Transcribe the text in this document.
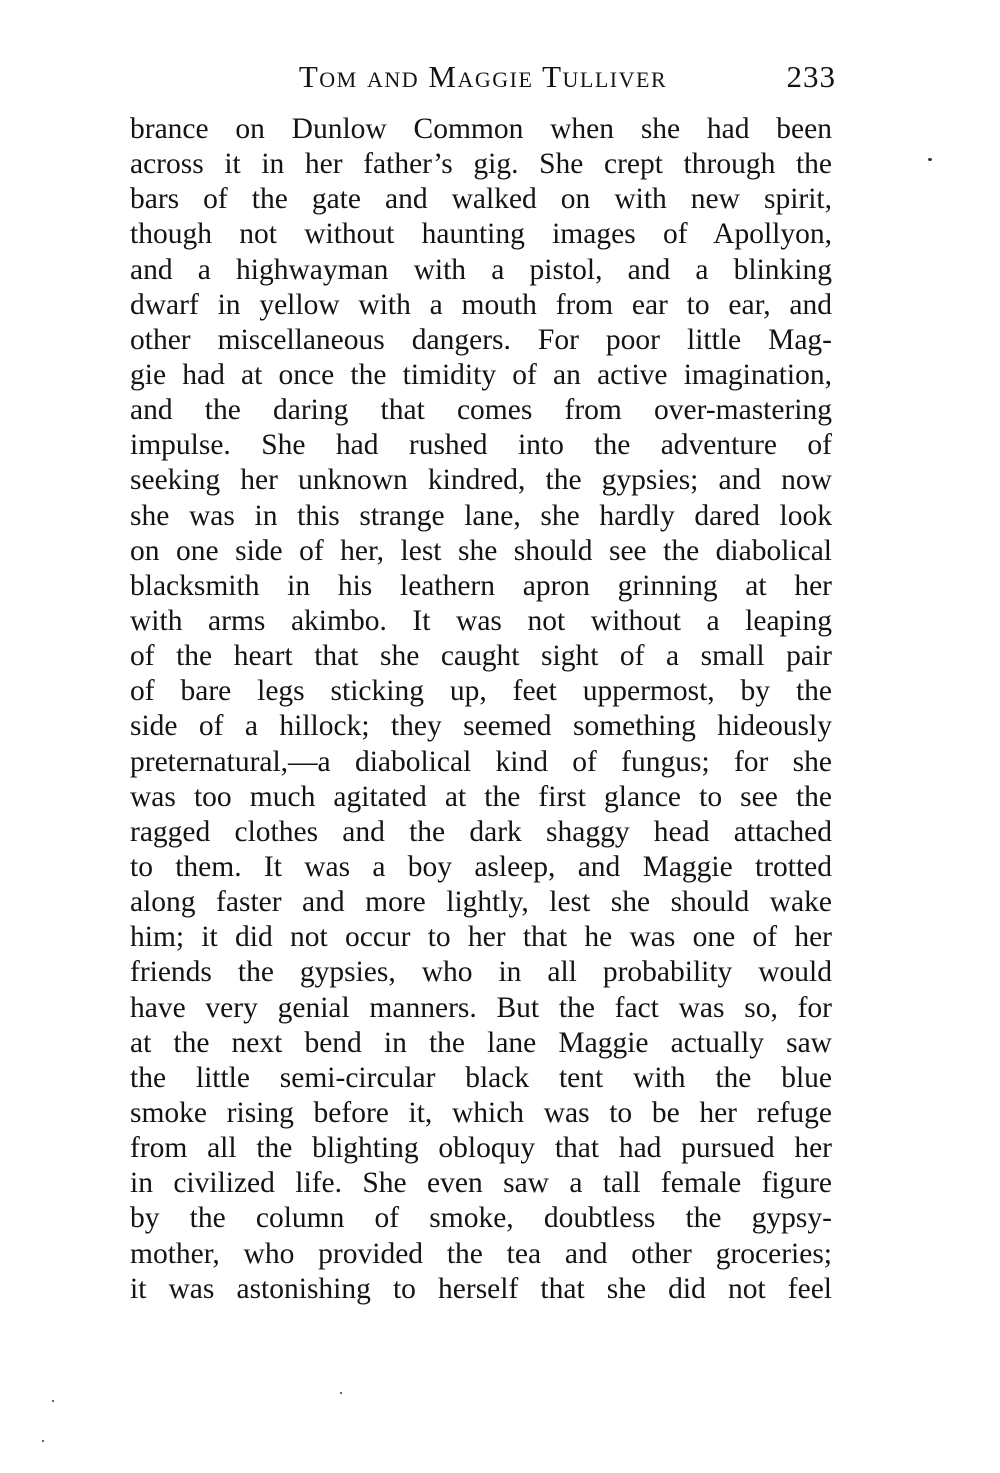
Tom and Maggie Tulliver	233
brance on Dunlow Common when she had been
across it in her father’s gig. She crept through the
bars of the gate and walked on with new spirit,
though not without haunting images of Apollyon,
and a highwayman with a pistol, and a blinking
dwarf in yellow with a mouth from ear to ear, and
other miscellaneous dangers. For poor little Mag-
gie had at once the timidity of an active imagination,
and the daring that comes from over-mastering
impulse. She had rushed into the adventure of
seeking her unknown kindred, the gypsies; and now
she was in this strange lane, she hardly dared look
on one side of her, lest she should see the diabolical
blacksmith in his leathern apron grinning at her
with arms akimbo. It was not without a leaping
of the heart that she caught sight of a small pair
of bare legs sticking up, feet uppermost, by the
side of a hillock; they seemed something hideously
preternatural,—a diabolical kind of fungus; for she
was too much agitated at the first glance to see the
ragged clothes and the dark shaggy head attached
to them. It was a boy asleep, and Maggie trotted
along faster and more lightly, lest she should wake
him; it did not occur to her that he was one of her
friends the gypsies, who in all probability would
have very genial manners. But the fact was so, for
at the next bend in the lane Maggie actually saw
the little semi-circular black tent with the blue
smoke rising before it, which was to be her refuge
from all the blighting obloquy that had pursued her
in civilized life. She even saw a tall female figure
by the column of smoke, doubtless the gypsy-
mother, who provided the tea and other groceries;
it was astonishing to herself that she did not feel
